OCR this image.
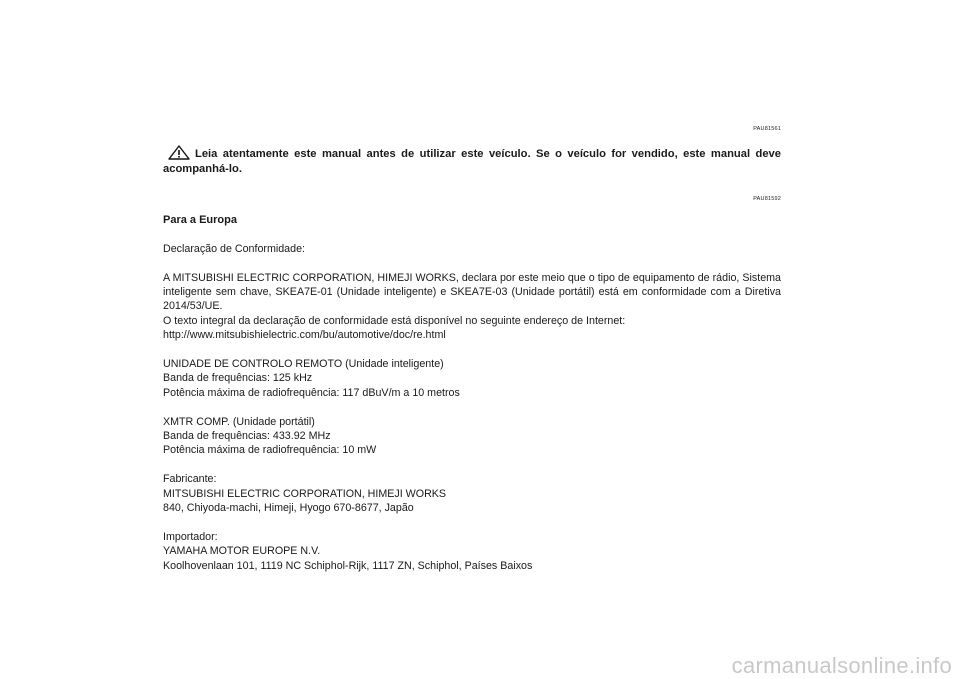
PAU81561
Leia atentamente este manual antes de utilizar este veículo. Se o veículo for vendido, este manual deve acompanhá-lo.
PAU81592
Para a Europa

Declaração de Conformidade:

A MITSUBISHI ELECTRIC CORPORATION, HIMEJI WORKS, declara por este meio que o tipo de equipamento de rádio, Sistema inteligente sem chave, SKEA7E-01 (Unidade inteligente) e SKEA7E-03 (Unidade portátil) está em conformidade com a Diretiva 2014/53/UE.

O texto integral da declaração de conformidade está disponível no seguinte endereço de Internet:

http://www.mitsubishielectric.com/bu/automotive/doc/re.html

UNIDADE DE CONTROLO REMOTO (Unidade inteligente)

Banda de frequências: 125 kHz

Potência máxima de radiofrequência: 117 dBuV/m a 10 metros

XMTR COMP. (Unidade portátil)

Banda de frequências: 433.92 MHz

Potência máxima de radiofrequência: 10 mW

Fabricante:

MITSUBISHI ELECTRIC CORPORATION, HIMEJI WORKS

840, Chiyoda-machi, Himeji, Hyogo 670-8677, Japão

Importador:

YAMAHA MOTOR EUROPE N.V.

Koolhovenlaan 101, 1119 NC Schiphol-Rijk, 1117 ZN, Schiphol, Países Baixos

carmanualsonline.info
